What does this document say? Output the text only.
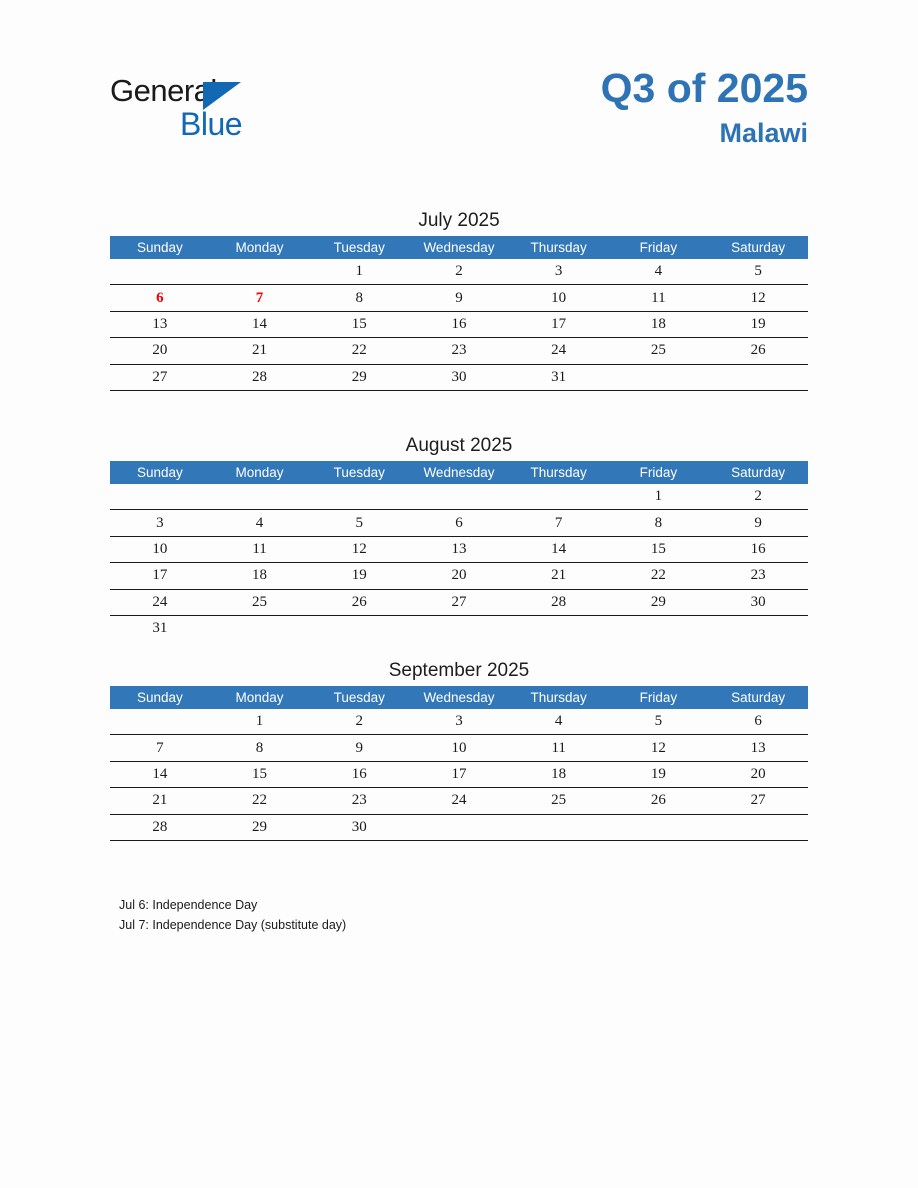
General
Blue
Q3 of 2025
Malawi
July 2025
Sunday	Monday	Tuesday	Wednesday	Thursday	Friday	Saturday
		1	2	3	4	5
6	7	8	9	10	11	12
13	14	15	16	17	18	19
20	21	22	23	24	25	26
27	28	29	30	31		
August 2025
Sunday	Monday	Tuesday	Wednesday	Thursday	Friday	Saturday
					1	2
3	4	5	6	7	8	9
10	11	12	13	14	15	16
17	18	19	20	21	22	23
24	25	26	27	28	29	30
31						
September 2025
Sunday	Monday	Tuesday	Wednesday	Thursday	Friday	Saturday
	1	2	3	4	5	6
7	8	9	10	11	12	13
14	15	16	17	18	19	20
21	22	23	24	25	26	27
28	29	30				
Jul 6: Independence Day
Jul 7: Independence Day (substitute day)
